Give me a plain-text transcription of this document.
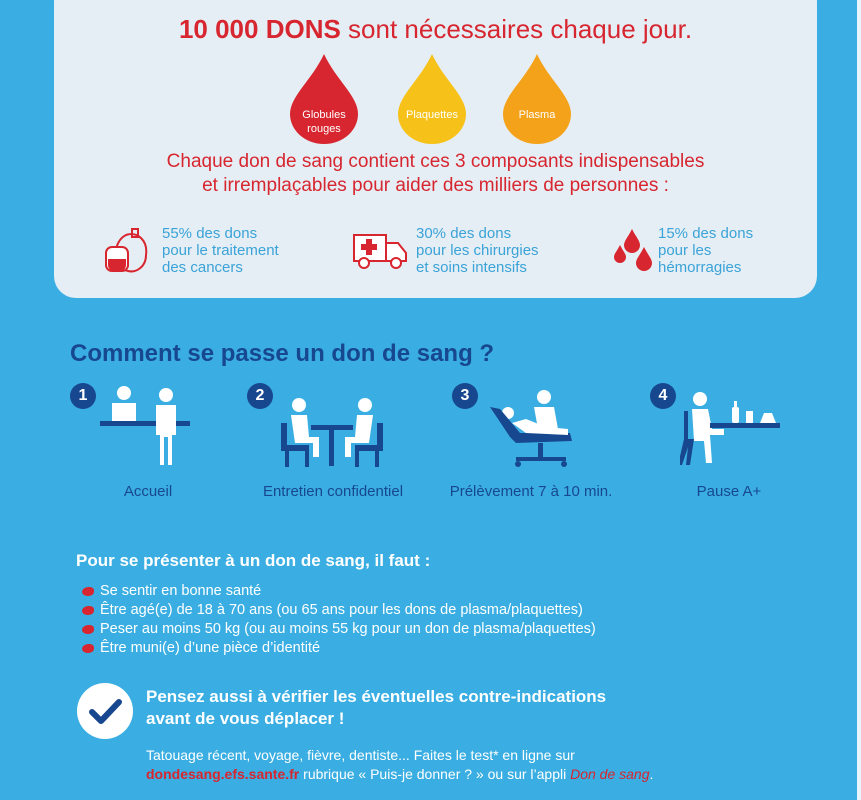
10 000 DONS sont nécessaires chaque jour.
Globules rouges
Plaquettes	Plasma
Chaque don de sang contient ces 3 composants indispensables
et irremplaçables pour aider des milliers de personnes :
55% des dons
pour le traitement
des cancers
30% des dons
pour les chirurgies
et soins intensifs
15% des dons
pour les
hémorragies
Comment se passe un don de sang ?
1	2	3	4
Accueil	Entretien confidentiel	Prélèvement 7 à 10 min.	Pause A+
Pour se présenter à un don de sang, il faut :
Se sentir en bonne santé
Être agé(e) de 18 à 70 ans (ou 65 ans pour les dons de plasma/plaquettes)
Peser au moins 50 kg (ou au moins 55 kg pour un don de plasma/plaquettes)
Être muni(e) d’une pièce d’identité
Pensez aussi à vérifier les éventuelles contre-indications
avant de vous déplacer !
Tatouage récent, voyage, fièvre, dentiste... Faites le test* en ligne sur
dondesang.efs.sante.fr rubrique « Puis-je donner ? » ou sur l’appli Don de sang.
